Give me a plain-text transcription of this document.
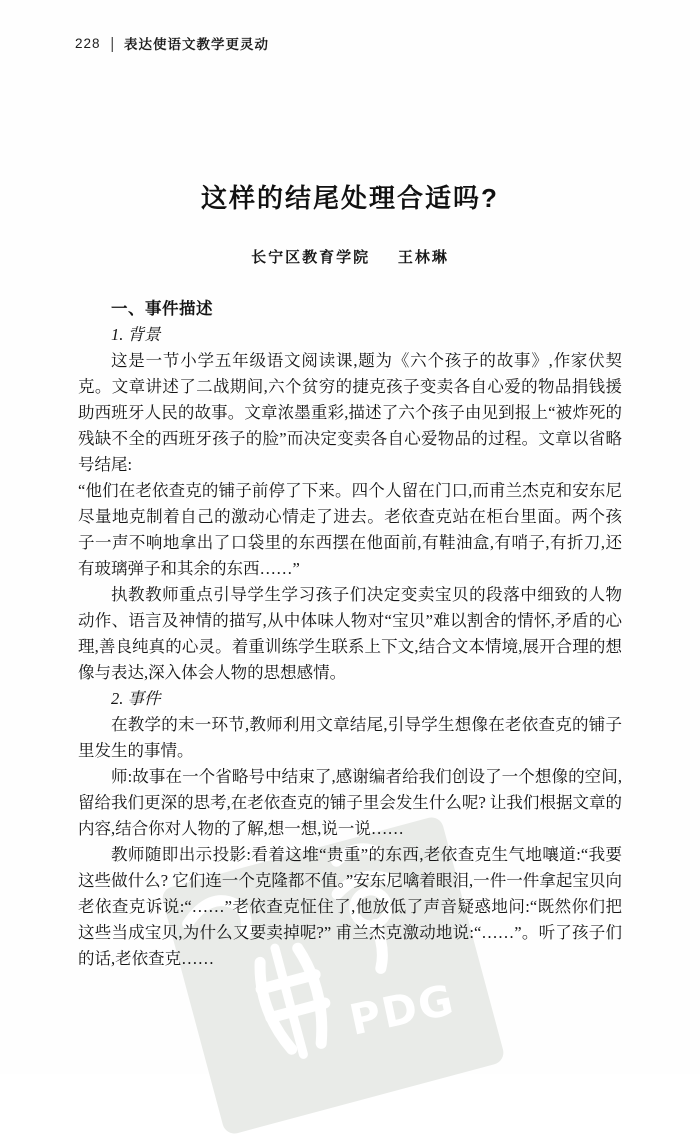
PDG
228 | 表达使语文教学更灵动
这样的结尾处理合适吗?
长宁区教育学院 王林琳
一、事件描述
1. 背景
这是一节小学五年级语文阅读课,题为《六个孩子的故事》,作家伏契克。文章讲述了二战期间,六个贫穷的捷克孩子变卖各自心爱的物品捐钱援助西班牙人民的故事。文章浓墨重彩,描述了六个孩子由见到报上“被炸死的残缺不全的西班牙孩子的脸”而决定变卖各自心爱物品的过程。文章以省略号结尾:
“他们在老依查克的铺子前停了下来。四个人留在门口,而甫兰杰克和安东尼尽量地克制着自己的激动心情走了进去。老依查克站在柜台里面。两个孩子一声不响地拿出了口袋里的东西摆在他面前,有鞋油盒,有哨子,有折刀,还有玻璃弹子和其余的东西……”
执教教师重点引导学生学习孩子们决定变卖宝贝的段落中细致的人物动作、语言及神情的描写,从中体味人物对“宝贝”难以割舍的情怀,矛盾的心理,善良纯真的心灵。着重训练学生联系上下文,结合文本情境,展开合理的想像与表达,深入体会人物的思想感情。
2. 事件
在教学的末一环节,教师利用文章结尾,引导学生想像在老依查克的铺子里发生的事情。
师:故事在一个省略号中结束了,感谢编者给我们创设了一个想像的空间,留给我们更深的思考,在老依查克的铺子里会发生什么呢? 让我们根据文章的内容,结合你对人物的了解,想一想,说一说……
教师随即出示投影:看着这堆“贵重”的东西,老依查克生气地嚷道:“我要这些做什么? 它们连一个克隆都不值。”安东尼噙着眼泪,一件一件拿起宝贝向老依查克诉说:“……”老依查克怔住了,他放低了声音疑惑地问:“既然你们把这些当成宝贝,为什么又要卖掉呢?” 甫兰杰克激动地说:“……”。听了孩子们的话,老依查克……
